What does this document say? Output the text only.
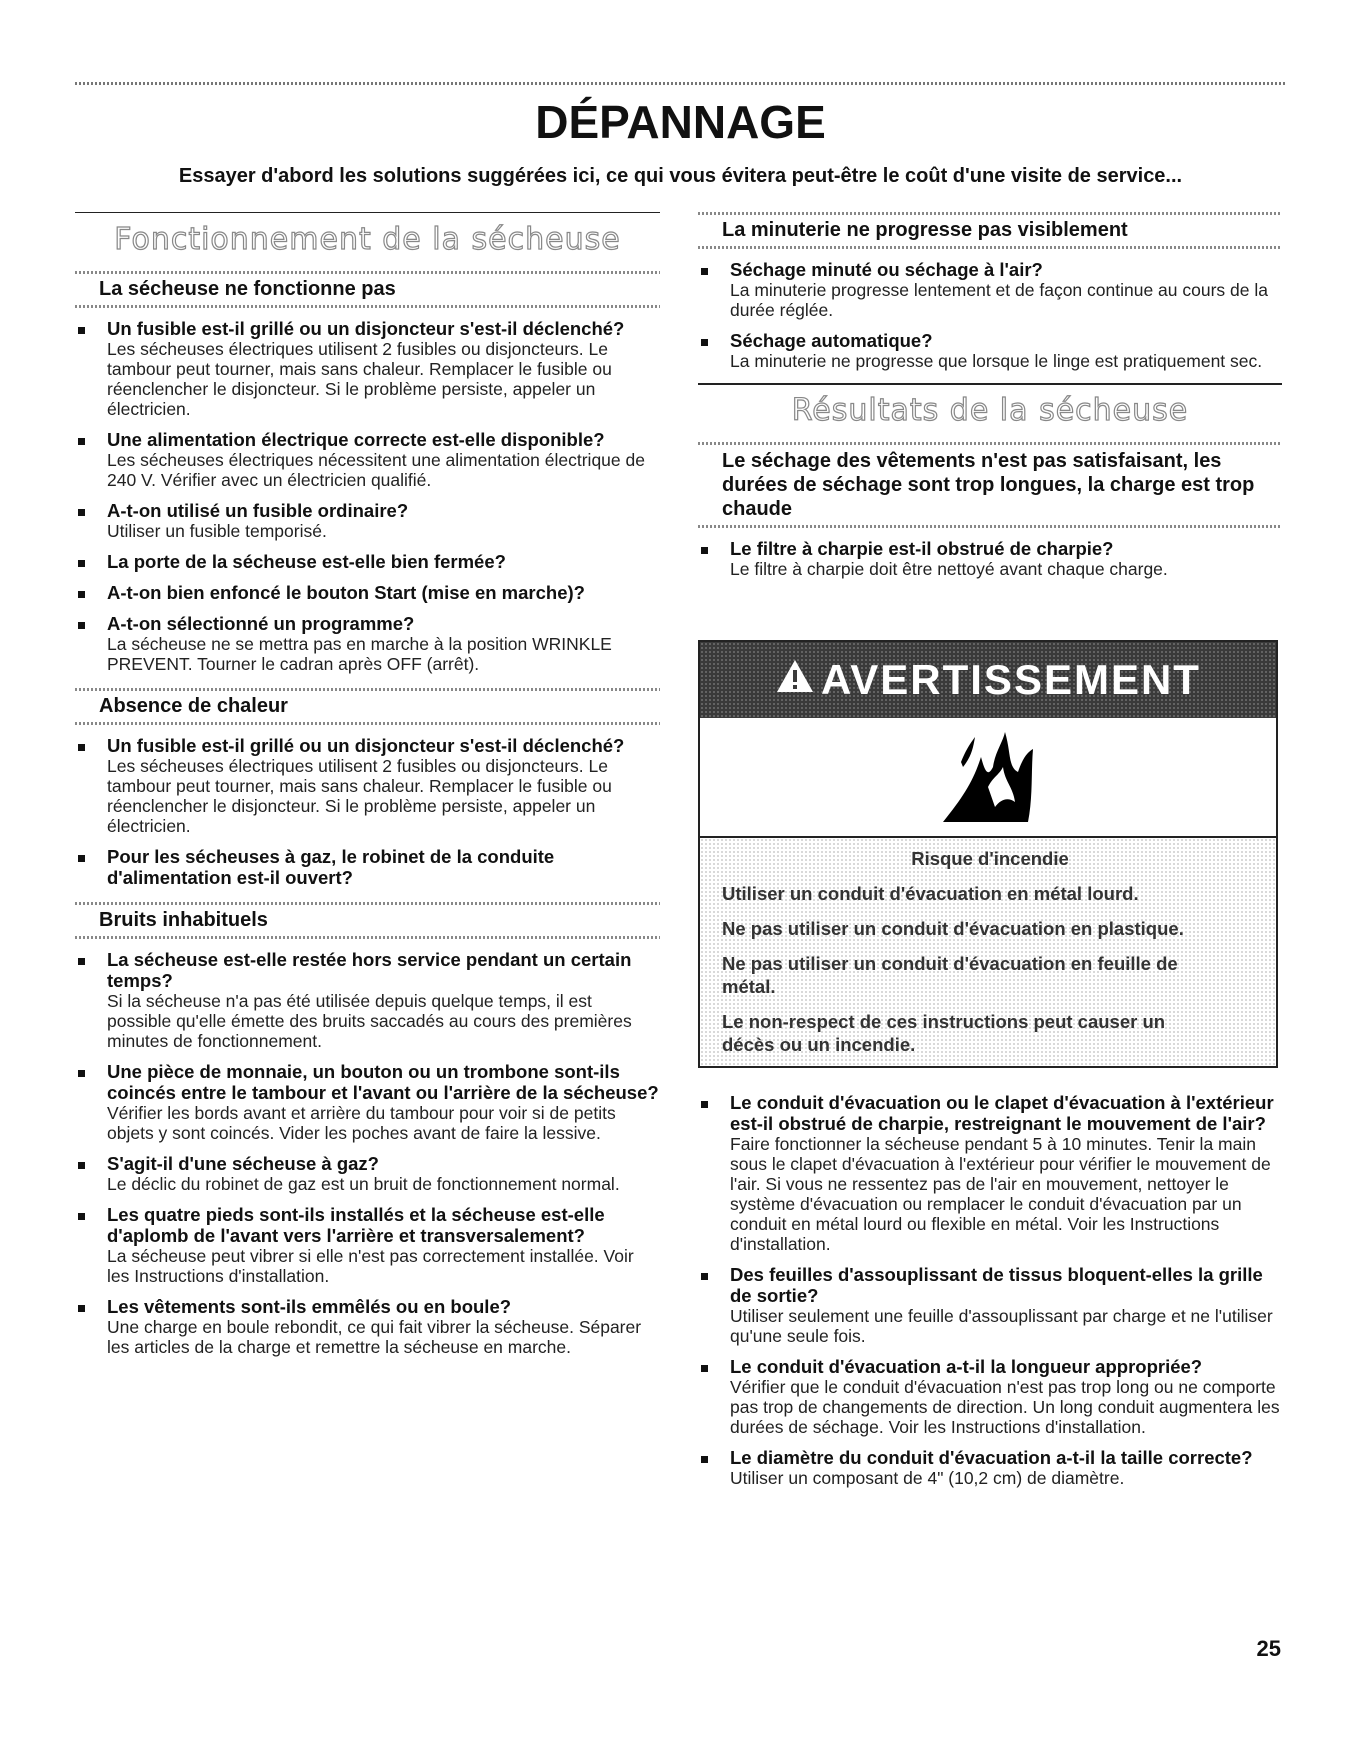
DÉPANNAGE
Essayer d'abord les solutions suggérées ici, ce qui vous évitera peut-être le coût d'une visite de service...
Fonctionnement de la sécheuse
La sécheuse ne fonctionne pas
Un fusible est-il grillé ou un disjoncteur s'est-il déclenché?
Les sécheuses électriques utilisent 2 fusibles ou disjoncteurs. Le tambour peut tourner, mais sans chaleur. Remplacer le fusible ou réenclencher le disjoncteur. Si le problème persiste, appeler un électricien.
Une alimentation électrique correcte est-elle disponible?
Les sécheuses électriques nécessitent une alimentation électrique de 240 V. Vérifier avec un électricien qualifié.
A-t-on utilisé un fusible ordinaire?
Utiliser un fusible temporisé.
La porte de la sécheuse est-elle bien fermée?
A-t-on bien enfoncé le bouton Start (mise en marche)?
A-t-on sélectionné un programme?
La sécheuse ne se mettra pas en marche à la position WRINKLE PREVENT. Tourner le cadran après OFF (arrêt).
Absence de chaleur
Un fusible est-il grillé ou un disjoncteur s'est-il déclenché?
Les sécheuses électriques utilisent 2 fusibles ou disjoncteurs. Le tambour peut tourner, mais sans chaleur. Remplacer le fusible ou réenclencher le disjoncteur. Si le problème persiste, appeler un électricien.
Pour les sécheuses à gaz, le robinet de la conduite d'alimentation est-il ouvert?
Bruits inhabituels
La sécheuse est-elle restée hors service pendant un certain temps?
Si la sécheuse n'a pas été utilisée depuis quelque temps, il est possible qu'elle émette des bruits saccadés au cours des premières minutes de fonctionnement.
Une pièce de monnaie, un bouton ou un trombone sont-ils coincés entre le tambour et l'avant ou l'arrière de la sécheuse?
Vérifier les bords avant et arrière du tambour pour voir si de petits objets y sont coincés. Vider les poches avant de faire la lessive.
S'agit-il d'une sécheuse à gaz?
Le déclic du robinet de gaz est un bruit de fonctionnement normal.
Les quatre pieds sont-ils installés et la sécheuse est-elle d'aplomb de l'avant vers l'arrière et transversalement?
La sécheuse peut vibrer si elle n'est pas correctement installée. Voir les Instructions d'installation.
Les vêtements sont-ils emmêlés ou en boule?
Une charge en boule rebondit, ce qui fait vibrer la sécheuse. Séparer les articles de la charge et remettre la sécheuse en marche.
La minuterie ne progresse pas visiblement
Séchage minuté ou séchage à l'air?
La minuterie progresse lentement et de façon continue au cours de la durée réglée.
Séchage automatique?
La minuterie ne progresse que lorsque le linge est pratiquement sec.
Résultats de la sécheuse
Le séchage des vêtements n'est pas satisfaisant, les durées de séchage sont trop longues, la charge est trop chaude
Le filtre à charpie est-il obstrué de charpie?
Le filtre à charpie doit être nettoyé avant chaque charge.
AVERTISSEMENT
Risque d'incendie
Utiliser un conduit d'évacuation en métal lourd.
Ne pas utiliser un conduit d'évacuation en plastique.
Ne pas utiliser un conduit d'évacuation en feuille de métal.
Le non-respect de ces instructions peut causer un décès ou un incendie.
Le conduit d'évacuation ou le clapet d'évacuation à l'extérieur est-il obstrué de charpie, restreignant le mouvement de l'air?
Faire fonctionner la sécheuse pendant 5 à 10 minutes. Tenir la main sous le clapet d'évacuation à l'extérieur pour vérifier le mouvement de l'air. Si vous ne ressentez pas de l'air en mouvement, nettoyer le système d'évacuation ou remplacer le conduit d'évacuation par un conduit en métal lourd ou flexible en métal. Voir les Instructions d'installation.
Des feuilles d'assouplissant de tissus bloquent-elles la grille de sortie?
Utiliser seulement une feuille d'assouplissant par charge et ne l'utiliser qu'une seule fois.
Le conduit d'évacuation a-t-il la longueur appropriée?
Vérifier que le conduit d'évacuation n'est pas trop long ou ne comporte pas trop de changements de direction. Un long conduit augmentera les durées de séchage. Voir les Instructions d'installation.
Le diamètre du conduit d'évacuation a-t-il la taille correcte?
Utiliser un composant de 4" (10,2 cm) de diamètre.
25
